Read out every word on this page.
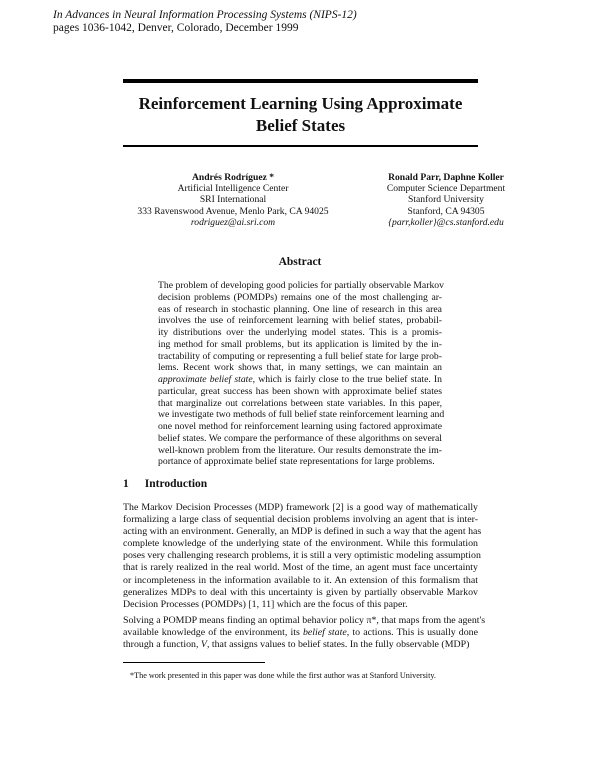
In Advances in Neural Information Processing Systems (NIPS-12)
pages 1036-1042, Denver, Colorado, December 1999
Reinforcement Learning Using Approximate
Belief States
Andrés Rodríguez *
Artificial Intelligence Center
SRI International
333 Ravenswood Avenue, Menlo Park, CA 94025
rodriguez@ai.sri.com
Ronald Parr, Daphne Koller
Computer Science Department
Stanford University
Stanford, CA 94305
{parr,koller}@cs.stanford.edu
Abstract
The problem of developing good policies for partially observable Markov
decision problems (POMDPs) remains one of the most challenging ar-
eas of research in stochastic planning. One line of research in this area
involves the use of reinforcement learning with belief states, probabil-
ity distributions over the underlying model states. This is a promis-
ing method for small problems, but its application is limited by the in-
tractability of computing or representing a full belief state for large prob-
lems. Recent work shows that, in many settings, we can maintain an
approximate belief state, which is fairly close to the true belief state. In
particular, great success has been shown with approximate belief states
that marginalize out correlations between state variables. In this paper,
we investigate two methods of full belief state reinforcement learning and
one novel method for reinforcement learning using factored approximate
belief states. We compare the performance of these algorithms on several
well-known problem from the literature. Our results demonstrate the im-
portance of approximate belief state representations for large problems.
1 Introduction
The Markov Decision Processes (MDP) framework [2] is a good way of mathematically
formalizing a large class of sequential decision problems involving an agent that is inter-
acting with an environment. Generally, an MDP is defined in such a way that the agent has
complete knowledge of the underlying state of the environment. While this formulation
poses very challenging research problems, it is still a very optimistic modeling assumption
that is rarely realized in the real world. Most of the time, an agent must face uncertainty
or incompleteness in the information available to it. An extension of this formalism that
generalizes MDPs to deal with this uncertainty is given by partially observable Markov
Decision Processes (POMDPs) [1, 11] which are the focus of this paper.
Solving a POMDP means finding an optimal behavior policy π*, that maps from the agent's
available knowledge of the environment, its belief state, to actions. This is usually done
through a function, V, that assigns values to belief states. In the fully observable (MDP)
*The work presented in this paper was done while the first author was at Stanford University.
